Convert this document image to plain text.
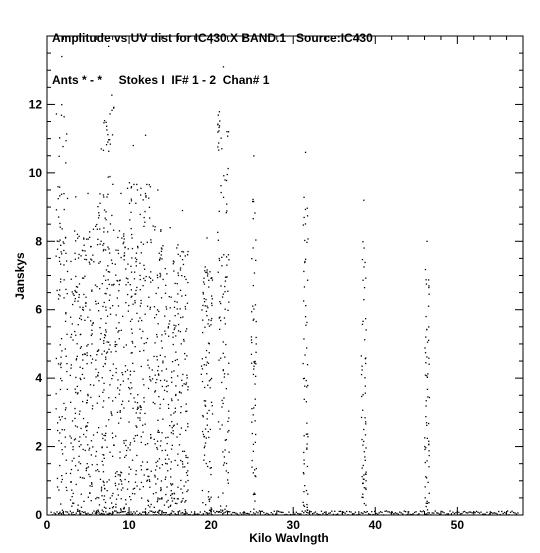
Amplitude vs UV dist for IC430.X BAND.1   Source:IC430

Ants * - *     Stokes I  IF# 1 - 2  Chan# 1

0	10	20	30	40	50
0
2
4
6
8
10
12
Kilo Wavlngth
Janskys
